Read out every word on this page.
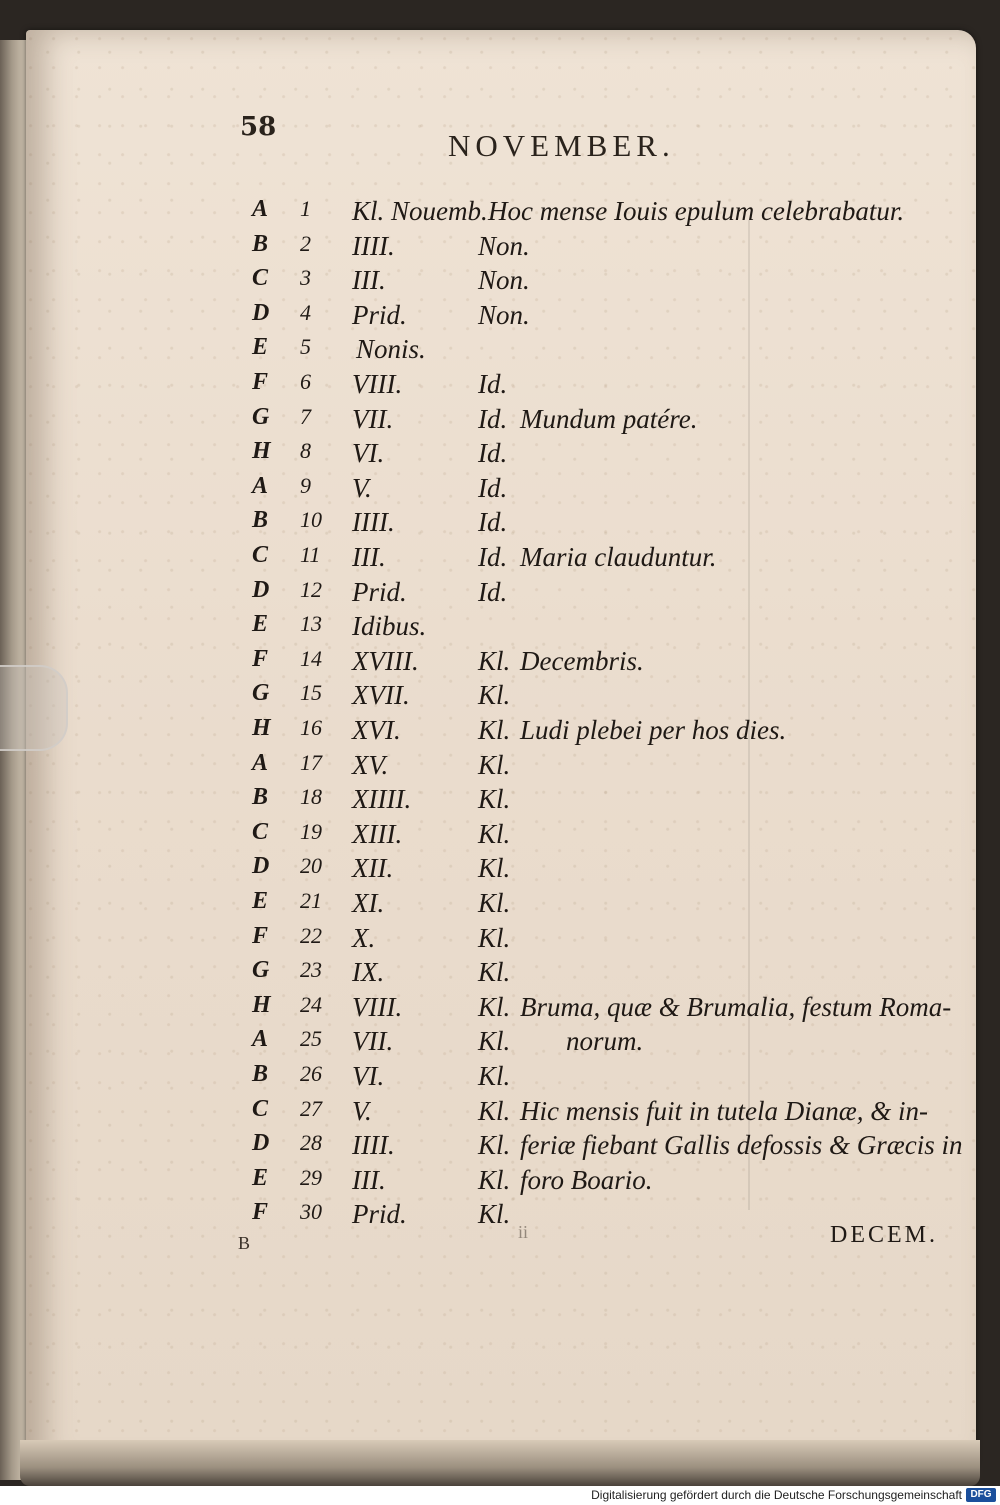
58
NOVEMBER.
A 1 Kl. Nouemb. Hoc mense Iouis epulum celebrabatur.
B 2 IIII.	Non.
C 3 III.	Non.
D 4 Prid.	Non.
E 5 Nonis.
F 6 VIII.	Id.
G 7 VII.	Id. Mundum patére.
H 8 VI.	Id.
A 9 V.	Id.
B 10 IIII.	Id.
C 11 III.	Id. Maria clauduntur.
D 12 Prid.	Id.
E 13 Idibus.
F 14 XVIII. Kl. Decembris.
G 15 XVII.	Kl.
H 16 XVI.	Kl. Ludi plebei per hos dies.
A 17 XV.	Kl.
B 18 XIIII. Kl.
C 19 XIII.	Kl.
D 20 XII.	Kl.
E 21 XI.	Kl.
F 22 X.	Kl.
G 23 IX.	Kl.
H 24 VIII.	Kl. Bruma, quæ & Brumalia, festum Roma-
norum.
A 25 VII.	Kl.
B 26 VI.	Kl.
C 27 V.	Kl. Hic mensis fuit in tutela Dianæ, & in-
D 28 IIII.	Kl. feriæ fiebant Gallis defossis & Græcis in
E 29 III.	Kl. foro Boario.
F 30 Prid.	Kl.
B
ii	DECEM.
Digitalisierung gefördert durch die Deutsche Forschungsgemeinschaft DFG
